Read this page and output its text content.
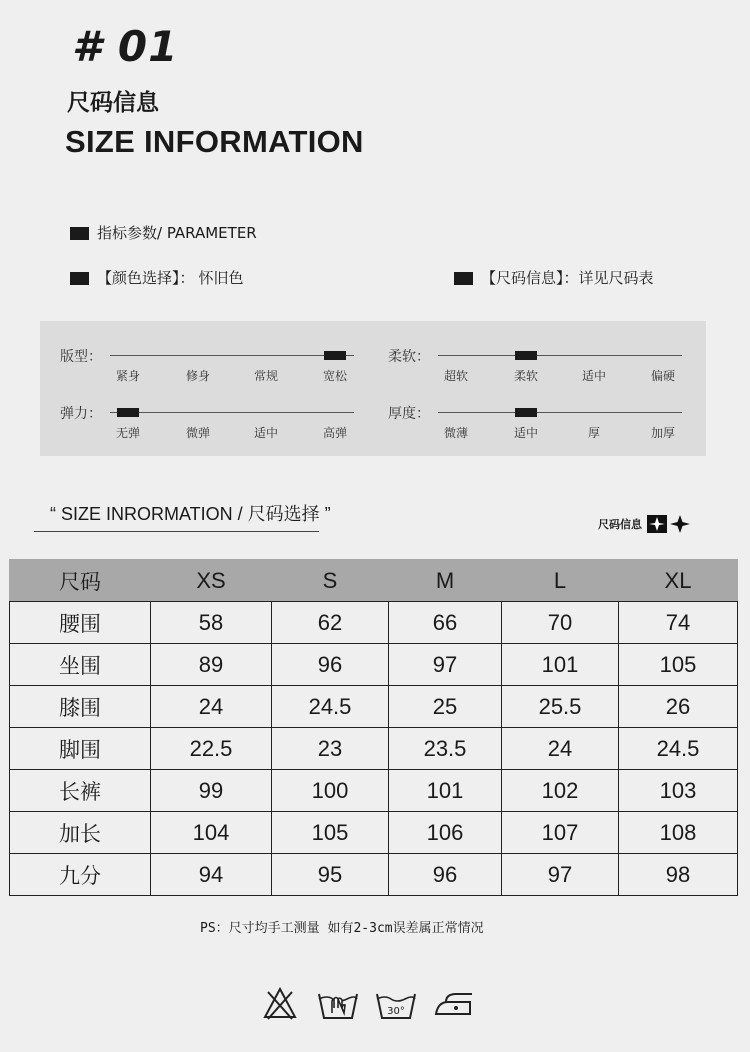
# 01
尺码信息
SIZE INFORMATION
指标参数/ PARAMETER
【颜色选择】： 怀旧色	【尺码信息】：详见尺码表
版型：
紧身	修身	常规	宽松
柔软：
超软	柔软	适中	偏硬
弹力：
无弹	微弹	适中	高弹
厚度：
微薄	适中	厚	加厚
“ SIZE INRORMATION / 尺码选择 ”
尺码信息
尺码	XS	S	M	L	XL
腰围	58	62	66	70	74
坐围	89	96	97	101	105
膝围	24	24.5	25	25.5	26
脚围	22.5	23	23.5	24	24.5
长裤	99	100	101	102	103
加长	104	105	106	107	108
九分	94	95	96	97	98
PS：尺寸均手工测量 如有2-3cm误差属正常情况
30°
